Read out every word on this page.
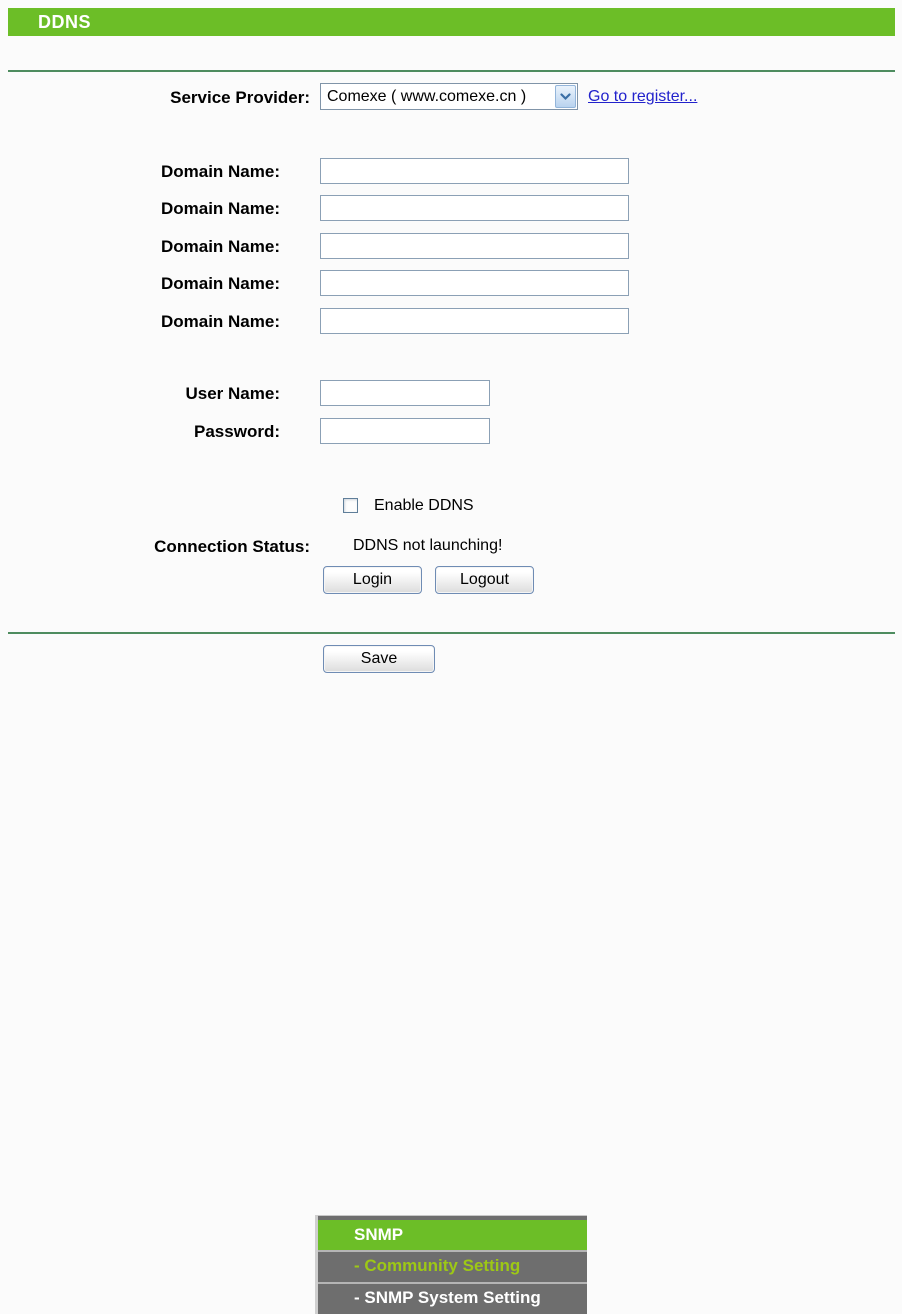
DDNS
Service Provider:	Comexe ( www.comexe.cn )	Go to register...
Domain Name:
Domain Name:
Domain Name:
Domain Name:
Domain Name:
User Name:
Password:
Enable DDNS
Connection Status:	DDNS not launching!
Login	Logout
Save
SNMP
- Community Setting
- SNMP System Setting
